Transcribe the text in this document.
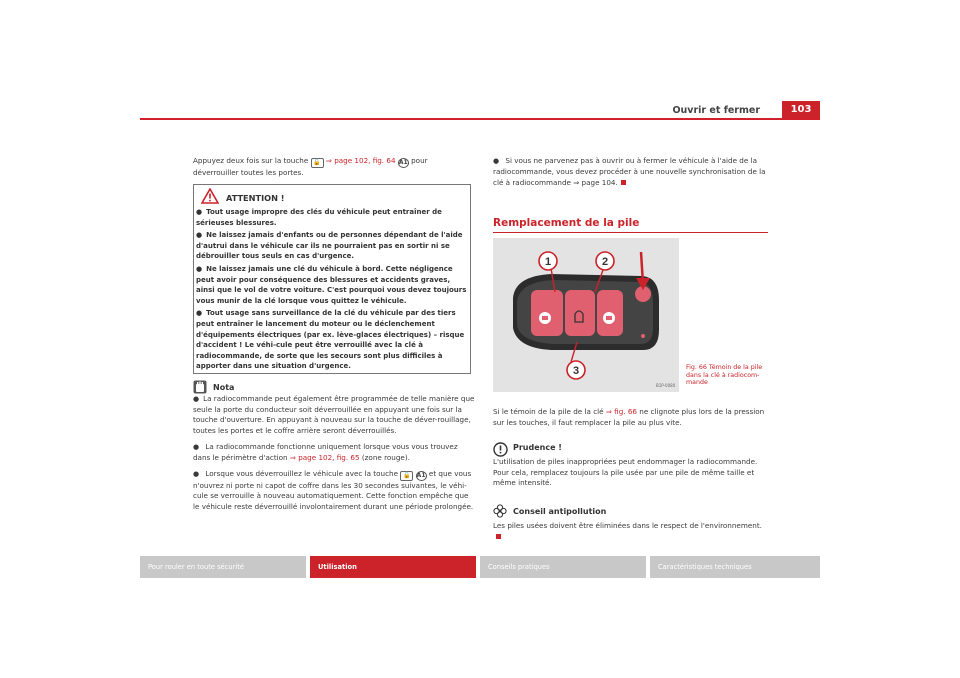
Ouvrir et fermer	103

Appuyez deux fois sur la touche 🔓 ⇒ page 102, fig. 64 A1 pour déverrouiller toutes les portes.

ATTENTION !
● Tout usage impropre des clés du véhicule peut entraîner de sérieuses blessures.
● Ne laissez jamais d'enfants ou de personnes dépendant de l'aide d'autrui dans le véhicule car ils ne pourraient pas en sortir ni se débrouiller tous seuls en cas d'urgence.
● Ne laissez jamais une clé du véhicule à bord. Cette négligence peut avoir pour conséquence des blessures et accidents graves, ainsi que le vol de votre voiture. C'est pourquoi vous devez toujours vous munir de la clé lorsque vous quittez le véhicule.
● Tout usage sans surveillance de la clé du véhicule par des tiers peut entraîner le lancement du moteur ou le déclenchement d'équipements électriques (par ex. lève-glaces électriques) – risque d'accident ! Le véhi-cule peut être verrouillé avec la clé à radiocommande, de sorte que les secours sont plus difficiles à apporter dans une situation d'urgence.
Nota

● La radiocommande peut également être programmée de telle manière que seule la porte du conducteur soit déverrouillée en appuyant une fois sur la touche d'ouverture. En appuyant à nouveau sur la touche de déver-rouillage, toutes les portes et le coffre arrière seront déverrouillés.

● La radiocommande fonctionne uniquement lorsque vous vous trouvez dans le périmètre d'action ⇒ page 102, fig. 65 (zone rouge).

● Lorsque vous déverrouillez le véhicule avec la touche 🔓 A1 et que vous n'ouvrez ni porte ni capot de coffre dans les 30 secondes suivantes, le véhi-cule se verrouille à nouveau automatiquement. Cette fonction empêche que le véhicule reste déverrouillé involontairement durant une période prolongée.

● Si vous ne parvenez pas à ouvrir ou à fermer le véhicule à l'aide de la radiocommande, vous devez procéder à une nouvelle synchronisation de la clé à radiocommande ⇒ page 104.

Remplacement de la pile
1	2
3
B1P-0080
Fig. 66 Témoin de la pile dans la clé à radiocom-mande

Si le témoin de la pile de la clé ⇒ fig. 66 ne clignote plus lors de la pression sur les touches, il faut remplacer la pile au plus vite.

Prudence !

L'utilisation de piles inappropriées peut endommager la radiocommande. Pour cela, remplacez toujours la pile usée par une pile de même taille et même intensité.

Conseil antipollution

Les piles usées doivent être éliminées dans le respect de l'environnement.

Pour rouler en toute sécurité	Utilisation	Conseils pratiques	Caractéristiques techniques
